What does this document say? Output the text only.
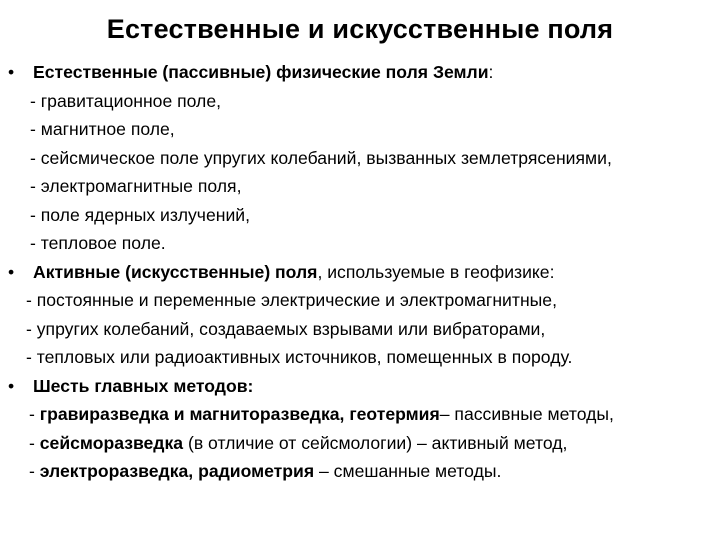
Естественные и искусственные поля
• Естественные (пассивные) физические поля Земли:
- гравитационное поле,
- магнитное поле,
- сейсмическое поле упругих колебаний, вызванных землетрясениями,
- электромагнитные поля,
- поле ядерных излучений,
- тепловое поле.
• Активные (искусственные) поля, используемые в геофизике:
- постоянные и переменные электрические и электромагнитные,
- упругих колебаний, создаваемых взрывами или вибраторами,
- тепловых или радиоактивных источников, помещенных в породу.
• Шесть главных методов:
- гравиразведка и магниторазведка, геотермия– пассивные методы,
- сейсморазведка (в отличие от сейсмологии) – активный метод,
- электроразведка, радиометрия – смешанные методы.
